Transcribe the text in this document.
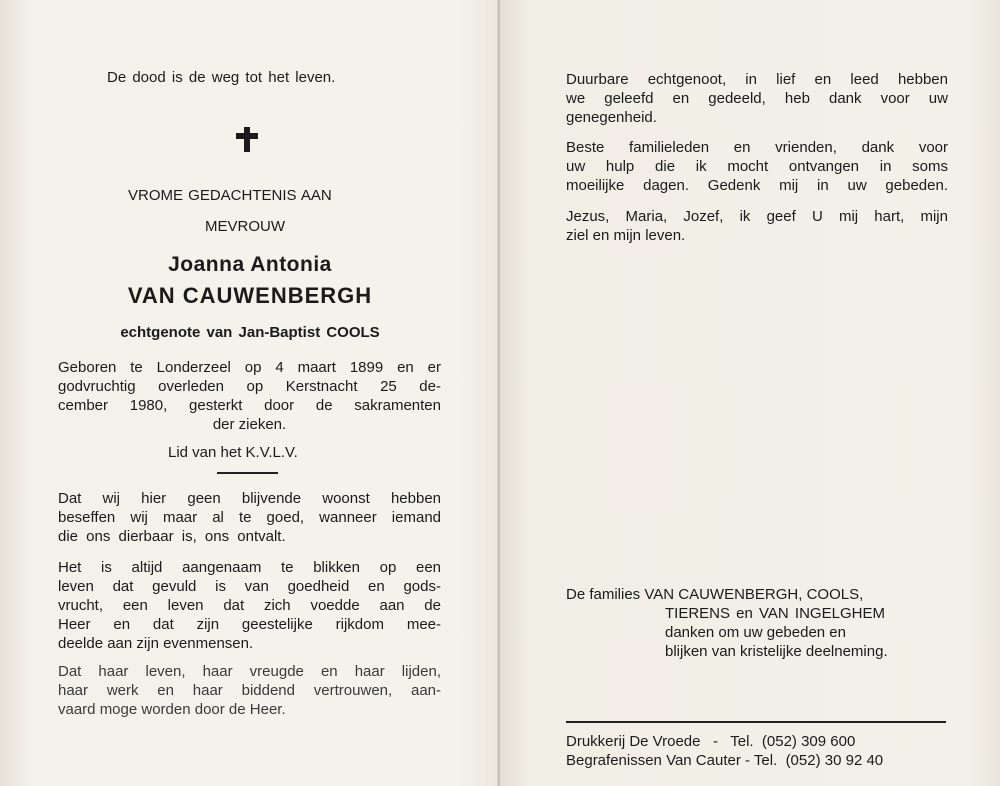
De dood is de weg tot het leven.
VROME GEDACHTENIS AAN
MEVROUW
Joanna Antonia
VAN CAUWENBERGH
echtgenote van Jan-Baptist COOLS
Geboren te Londerzeel op 4 maart 1899 en er
godvruchtig overleden op Kerstnacht 25 de-
cember 1980, gesterkt door de sakramenten
der zieken.
Lid van het K.V.L.V.
Dat wij hier geen blijvende woonst hebben
beseffen wij maar al te goed, wanneer iemand
die ons dierbaar is, ons ontvalt.
Het is altijd aangenaam te blikken op een
leven dat gevuld is van goedheid en gods-
vrucht, een leven dat zich voedde aan de
Heer en dat zijn geestelijke rijkdom mee-
deelde aan zijn evenmensen.
Dat haar leven, haar vreugde en haar lijden,
haar werk en haar biddend vertrouwen, aan-
vaard moge worden door de Heer.
Duurbare echtgenoot, in lief en leed hebben
we geleefd en gedeeld, heb dank voor uw
genegenheid.
Beste familieleden en vrienden, dank voor
uw hulp die ik mocht ontvangen in soms
moeilijke dagen. Gedenk mij in uw gebeden.
Jezus, Maria, Jozef, ik geef U mij hart, mijn
ziel en mijn leven.
De families VAN CAUWENBERGH, COOLS,
TIERENS en VAN INGELGHEM
danken om uw gebeden en
blijken van kristelijke deelneming.
Drukkerij De Vroede   -   Tel.  (052) 309 600
Begrafenissen Van Cauter - Tel.  (052) 30 92 40
